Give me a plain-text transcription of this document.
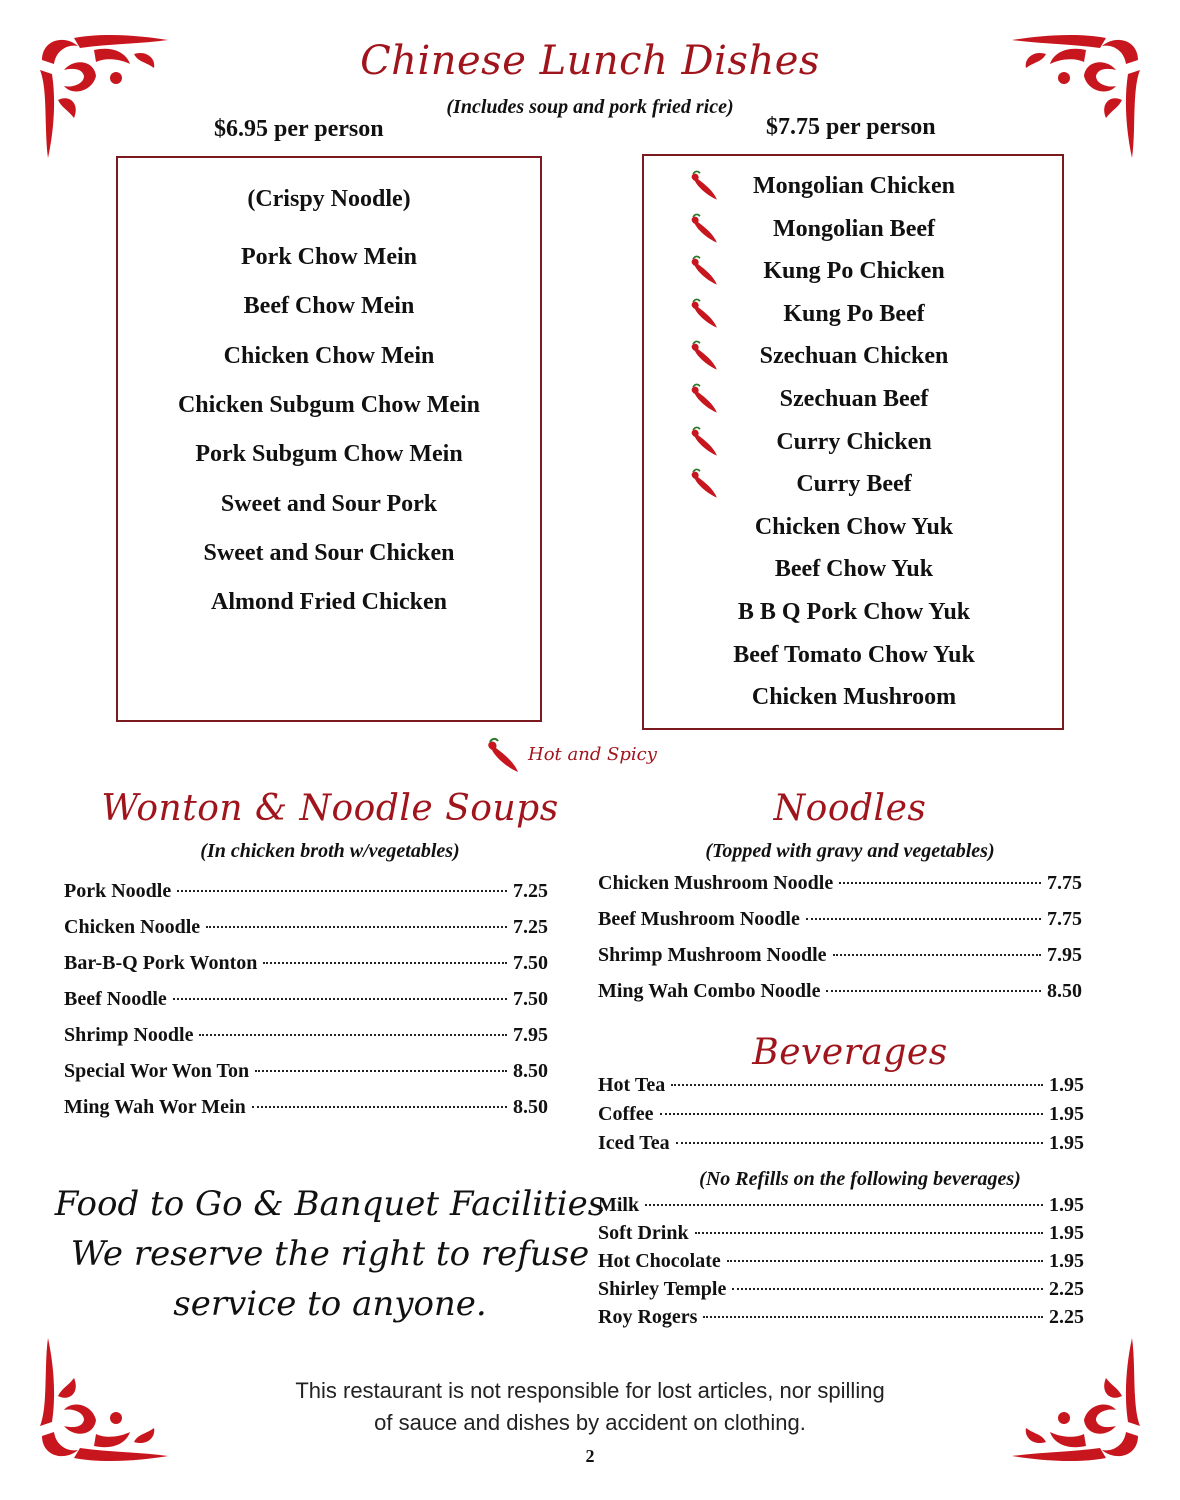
Chinese Lunch Dishes
(Includes soup and pork fried rice)
$6.95 per person
(Crispy Noodle)
Pork Chow Mein
Beef Chow Mein
Chicken Chow Mein
Chicken Subgum Chow Mein
Pork Subgum Chow Mein
Sweet and Sour Pork
Sweet and Sour Chicken
Almond Fried Chicken
$7.75 per person
Mongolian Chicken
Mongolian Beef
Kung Po Chicken
Kung Po Beef
Szechuan Chicken
Szechuan Beef
Curry Chicken
Curry Beef
Chicken Chow Yuk
Beef Chow Yuk
B B Q Pork Chow Yuk
Beef Tomato Chow Yuk
Chicken Mushroom
Hot and Spicy
Wonton & Noodle Soups
(In chicken broth w/vegetables)
Pork Noodle	7.25
Chicken Noodle	7.25
Bar-B-Q Pork Wonton	7.50
Beef Noodle	7.50
Shrimp Noodle	7.95
Special Wor Won Ton	8.50
Ming Wah Wor Mein	8.50
Noodles
(Topped with gravy and vegetables)
Chicken Mushroom Noodle	7.75
Beef Mushroom Noodle	7.75
Shrimp Mushroom Noodle	7.95
Ming Wah Combo Noodle	8.50
Beverages
Hot Tea	1.95
Coffee	1.95
Iced Tea	1.95
(No Refills on the following beverages)
Milk	1.95
Soft Drink	1.95
Hot Chocolate	1.95
Shirley Temple	2.25
Roy Rogers	2.25
Food to Go & Banquet Facilities
We reserve the right to refuse
service to anyone.
This restaurant is not responsible for lost articles, nor spilling
of sauce and dishes by accident on clothing.
2
